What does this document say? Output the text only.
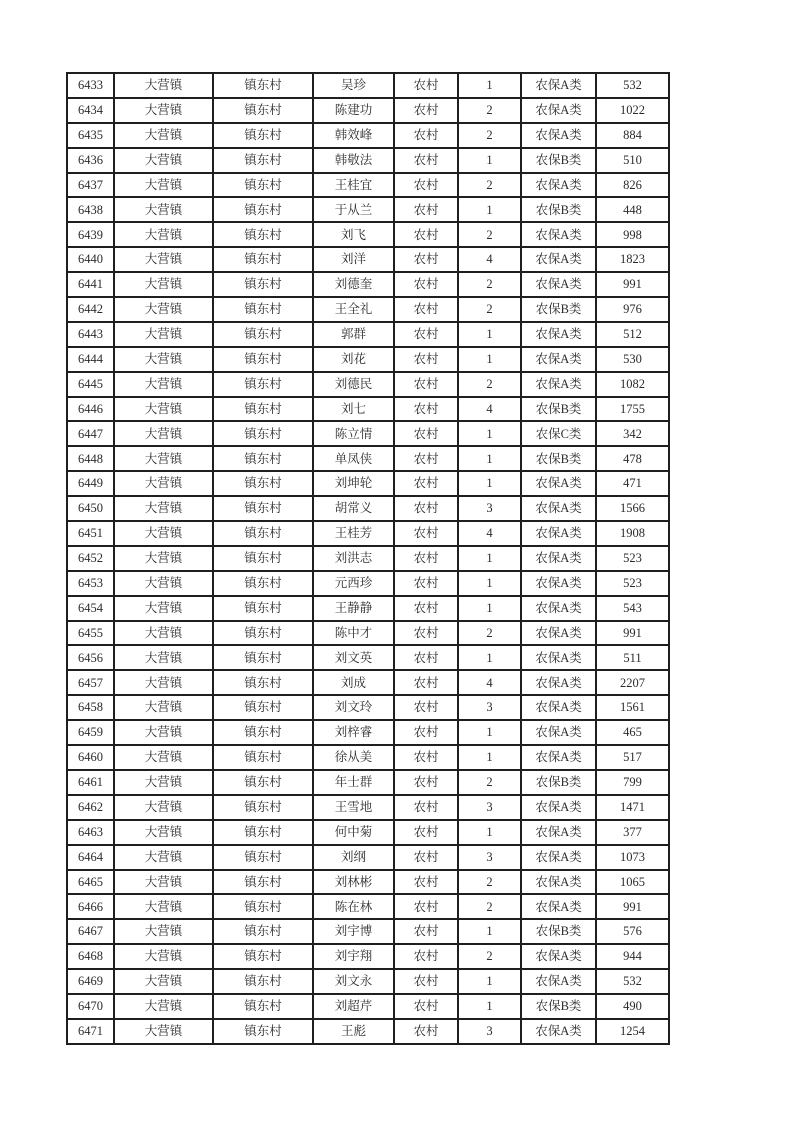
6433	大营镇	镇东村	吴珍	农村	1	农保A类	532
6434	大营镇	镇东村	陈建功	农村	2	农保A类	1022
6435	大营镇	镇东村	韩效峰	农村	2	农保A类	884
6436	大营镇	镇东村	韩敬法	农村	1	农保B类	510
6437	大营镇	镇东村	王桂宜	农村	2	农保A类	826
6438	大营镇	镇东村	于从兰	农村	1	农保B类	448
6439	大营镇	镇东村	刘飞	农村	2	农保A类	998
6440	大营镇	镇东村	刘洋	农村	4	农保A类	1823
6441	大营镇	镇东村	刘德奎	农村	2	农保A类	991
6442	大营镇	镇东村	王全礼	农村	2	农保B类	976
6443	大营镇	镇东村	郭群	农村	1	农保A类	512
6444	大营镇	镇东村	刘花	农村	1	农保A类	530
6445	大营镇	镇东村	刘德民	农村	2	农保A类	1082
6446	大营镇	镇东村	刘七	农村	4	农保B类	1755
6447	大营镇	镇东村	陈立情	农村	1	农保C类	342
6448	大营镇	镇东村	单凤侠	农村	1	农保B类	478
6449	大营镇	镇东村	刘坤轮	农村	1	农保A类	471
6450	大营镇	镇东村	胡常义	农村	3	农保A类	1566
6451	大营镇	镇东村	王桂芳	农村	4	农保A类	1908
6452	大营镇	镇东村	刘洪志	农村	1	农保A类	523
6453	大营镇	镇东村	元西珍	农村	1	农保A类	523
6454	大营镇	镇东村	王静静	农村	1	农保A类	543
6455	大营镇	镇东村	陈中才	农村	2	农保A类	991
6456	大营镇	镇东村	刘文英	农村	1	农保A类	511
6457	大营镇	镇东村	刘成	农村	4	农保A类	2207
6458	大营镇	镇东村	刘文玲	农村	3	农保A类	1561
6459	大营镇	镇东村	刘梓睿	农村	1	农保A类	465
6460	大营镇	镇东村	徐从美	农村	1	农保A类	517
6461	大营镇	镇东村	年士群	农村	2	农保B类	799
6462	大营镇	镇东村	王雪地	农村	3	农保A类	1471
6463	大营镇	镇东村	何中菊	农村	1	农保A类	377
6464	大营镇	镇东村	刘纲	农村	3	农保A类	1073
6465	大营镇	镇东村	刘林彬	农村	2	农保A类	1065
6466	大营镇	镇东村	陈在林	农村	2	农保A类	991
6467	大营镇	镇东村	刘宇博	农村	1	农保B类	576
6468	大营镇	镇东村	刘宇翔	农村	2	农保A类	944
6469	大营镇	镇东村	刘文永	农村	1	农保A类	532
6470	大营镇	镇东村	刘超芹	农村	1	农保B类	490
6471	大营镇	镇东村	王彪	农村	3	农保A类	1254
